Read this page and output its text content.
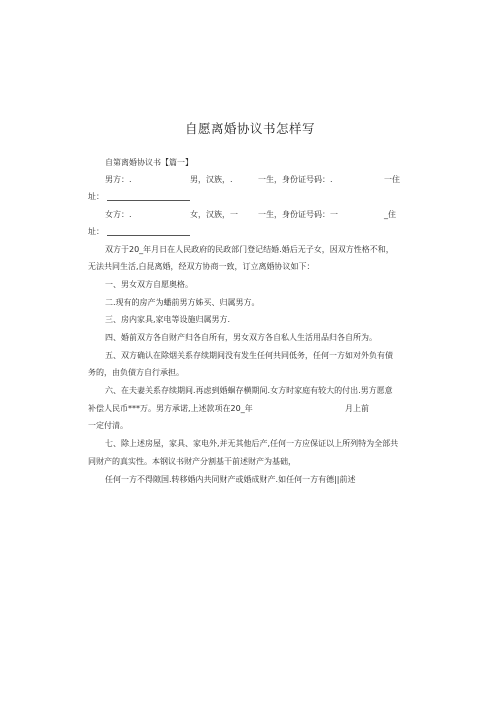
自愿离婚协议书怎样写
自第离婚协议书【篇一】
男方：.	男，汉族，.	一生，身份证号码：.	一住
址：
女方：.	女，汉族，一	一生，身份证号码：一	_住
址：
双方于20_年月日在人民政府的民政部门登记结婚.婚后无子女，因双方性格不和，
无法共同生活,白昆离婚，经双方协商一致，订立离婚协议如下：
一、男女双方自愿奥格。
二.现有的房产为蟠前男方姊买、归属男方。
三、房内家具,家电等设施归属男方.
四、婚前双方各自财产归各自所有，男女双方各自私人生活用品归各自所为。
五、双方确认在除烟关系存续期间没有发生任何共同低务，任何一方如对外负有债
务的，由负债方自行承担。
六、在夫妻关系存续期间.再虑到婚蛔存横期间.女方时家庭有较大的付出.男方愿意
补偿人民币***万。男方承诺,上述款项在20_年	月上前
一定付清。
七、除上述房屋，家具、家电外,并无其他后产,任何一方应保证以上所列特为全部共
同财产的真实性。本钢议书财产分割基干前述财产为基础，
任何一方不得隙国.转移婚内共同财产或婚成财产.如任何一方有德||前述
